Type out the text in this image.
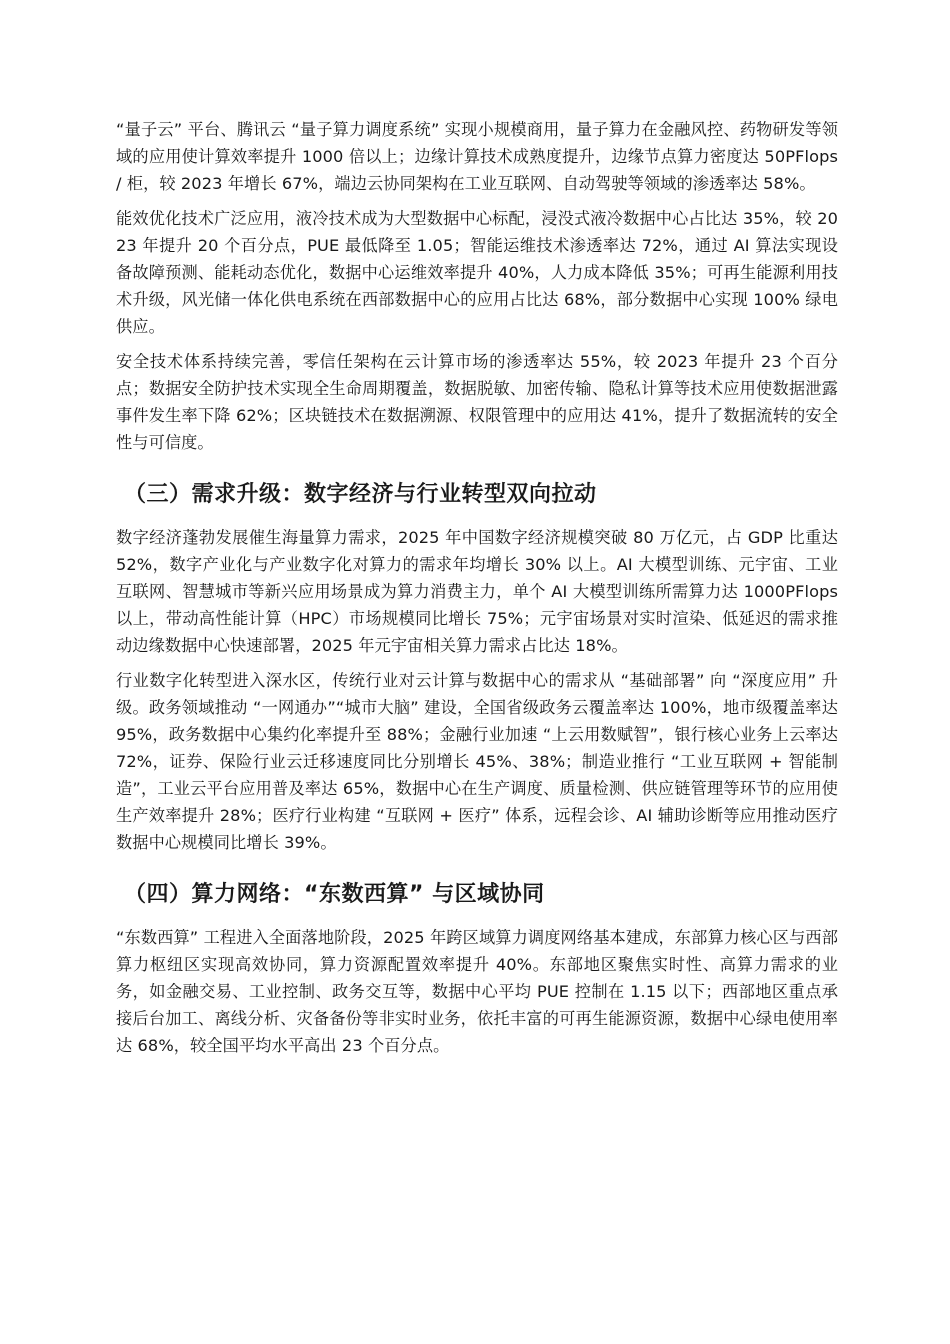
“量子云” 平台、腾讯云 “量子算力调度系统” 实现小规模商用，量子算力在金融风控、药物研发等领域的应用使计算效率提升 1000 倍以上；边缘计算技术成熟度提升，边缘节点算力密度达 50PFlops / 柜，较 2023 年增长 67%，端边云协同架构在工业互联网、自动驾驶等领域的渗透率达 58%。

能效优化技术广泛应用，液冷技术成为大型数据中心标配，浸没式液冷数据中心占比达 35%，较 2023 年提升 20 个百分点，PUE 最低降至 1.05；智能运维技术渗透率达 72%，通过 AI 算法实现设备故障预测、能耗动态优化，数据中心运维效率提升 40%，人力成本降低 35%；可再生能源利用技术升级，风光储一体化供电系统在西部数据中心的应用占比达 68%，部分数据中心实现 100% 绿电供应。

安全技术体系持续完善，零信任架构在云计算市场的渗透率达 55%，较 2023 年提升 23 个百分点；数据安全防护技术实现全生命周期覆盖，数据脱敏、加密传输、隐私计算等技术应用使数据泄露事件发生率下降 62%；区块链技术在数据溯源、权限管理中的应用达 41%，提升了数据流转的安全性与可信度。

（三）需求升级：数字经济与行业转型双向拉动

数字经济蓬勃发展催生海量算力需求，2025 年中国数字经济规模突破 80 万亿元，占 GDP 比重达 52%，数字产业化与产业数字化对算力的需求年均增长 30% 以上。AI 大模型训练、元宇宙、工业互联网、智慧城市等新兴应用场景成为算力消费主力，单个 AI 大模型训练所需算力达 1000PFlops 以上，带动高性能计算（HPC）市场规模同比增长 75%；元宇宙场景对实时渲染、低延迟的需求推动边缘数据中心快速部署，2025 年元宇宙相关算力需求占比达 18%。

行业数字化转型进入深水区，传统行业对云计算与数据中心的需求从 “基础部署” 向 “深度应用” 升级。政务领域推动 “一网通办”“城市大脑” 建设，全国省级政务云覆盖率达 100%，地市级覆盖率达 95%，政务数据中心集约化率提升至 88%；金融行业加速 “上云用数赋智”，银行核心业务上云率达 72%，证券、保险行业云迁移速度同比分别增长 45%、38%；制造业推行 “工业互联网 + 智能制造”，工业云平台应用普及率达 65%，数据中心在生产调度、质量检测、供应链管理等环节的应用使生产效率提升 28%；医疗行业构建 “互联网 + 医疗” 体系，远程会诊、AI 辅助诊断等应用推动医疗数据中心规模同比增长 39%。

（四）算力网络：“东数西算” 与区域协同

“东数西算” 工程进入全面落地阶段，2025 年跨区域算力调度网络基本建成，东部算力核心区与西部算力枢纽区实现高效协同，算力资源配置效率提升 40%。东部地区聚焦实时性、高算力需求的业务，如金融交易、工业控制、政务交互等，数据中心平均 PUE 控制在 1.15 以下；西部地区重点承接后台加工、离线分析、灾备备份等非实时业务，依托丰富的可再生能源资源，数据中心绿电使用率达 68%，较全国平均水平高出 23 个百分点。
